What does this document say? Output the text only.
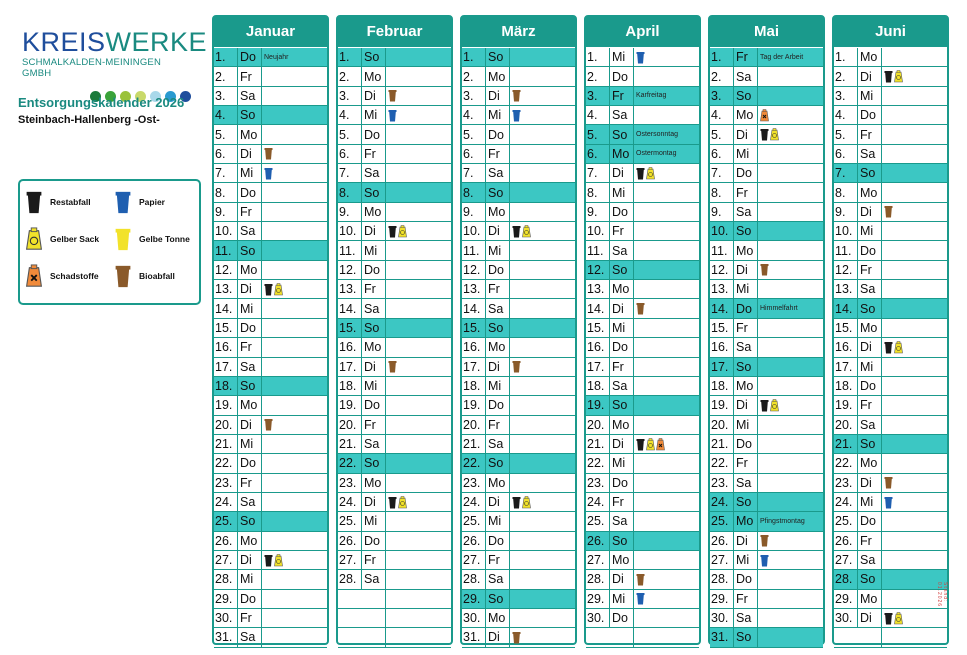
KREISWERKE
SCHMALKALDEN-MEININGEN GMBH
Entsorgungskalender 2026
Steinbach-Hallenberg -Ost-
Restabfall	Papier
Gelber Sack	Gelbe Tonne
Schadstoffe	Bioabfall
Januar
1.	Do	Neujahr
2.	Fr
3.	Sa
4.	So
5.	Mo
6.	Di
7.	Mi
8.	Do
9.	Fr
10. Sa
11. So
12. Mo
13. Di
14. Mi
15. Do
16. Fr
17. Sa
18. So
19. Mo
20. Di
21. Mi
22. Do
23. Fr
24. Sa
25. So
26. Mo
27. Di
28. Mi
29. Do
30. Fr
31. Sa
Februar
1.	So
2.	Mo
3.	Di
4.	Mi
5.	Do
6.	Fr
7.	Sa
8.	So
9.	Mo
10. Di
11. Mi
12. Do
13. Fr
14. Sa
15. So
16. Mo
17. Di
18. Mi
19. Do
20. Fr
21. Sa
22. So
23. Mo
24. Di
25. Mi
26. Do
27. Fr
28. Sa
März
1.	So
2.	Mo
3.	Di
4.	Mi
5.	Do
6.	Fr
7.	Sa
8.	So
9.	Mo
10. Di
11. Mi
12. Do
13. Fr
14. Sa
15. So
16. Mo
17. Di
18. Mi
19. Do
20. Fr
21. Sa
22. So
23. Mo
24. Di
25. Mi
26. Do
27. Fr
28. Sa
29. So
30. Mo
31. Di
April
1.	Mi
2.	Do
3.	Fr	Karfreitag
4.	Sa
5.	So	Ostersonntag
6.	Mo Ostermontag
7.	Di
8.	Mi
9.	Do
10. Fr
11. Sa
12. So
13. Mo
14. Di
15. Mi
16. Do
17. Fr
18. Sa
19. So
20. Mo
21. Di
22. Mi
23. Do
24. Fr
25. Sa
26. So
27. Mo
28. Di
29. Mi
30. Do
Mai
1.	Fr	Tag der Arbeit
2.	Sa
3.	So
4.	Mo
5.	Di
6.	Mi
7.	Do
8.	Fr
9.	Sa
10. So
11. Mo
12. Di
13. Mi
14. Do	Himmelfahrt
15. Fr
16. Sa
17. So
18. Mo
19. Di
20. Mi
21. Do
22. Fr
23. Sa
24. So
25. Mo Pfingstmontag
26. Di
27. Mi
28. Do
29. Fr
30. Sa
31. So
Juni
1.	Mo
2.	Di
3.	Mi
4.	Do
5.	Fr
6.	Sa
7.	So
8.	Mo
9.	Di
10. Mi
11. Do
12. Fr
13. Sa
14. So
15. Mo
16. Di
17. Mi
18. Do
19. Fr
20. Sa
21. So
22. Mo
23. Di
24. Mi
25. Do
26. Fr
27. Sa
28. So
29. Mo
30. Di
Stand: 01.2026
